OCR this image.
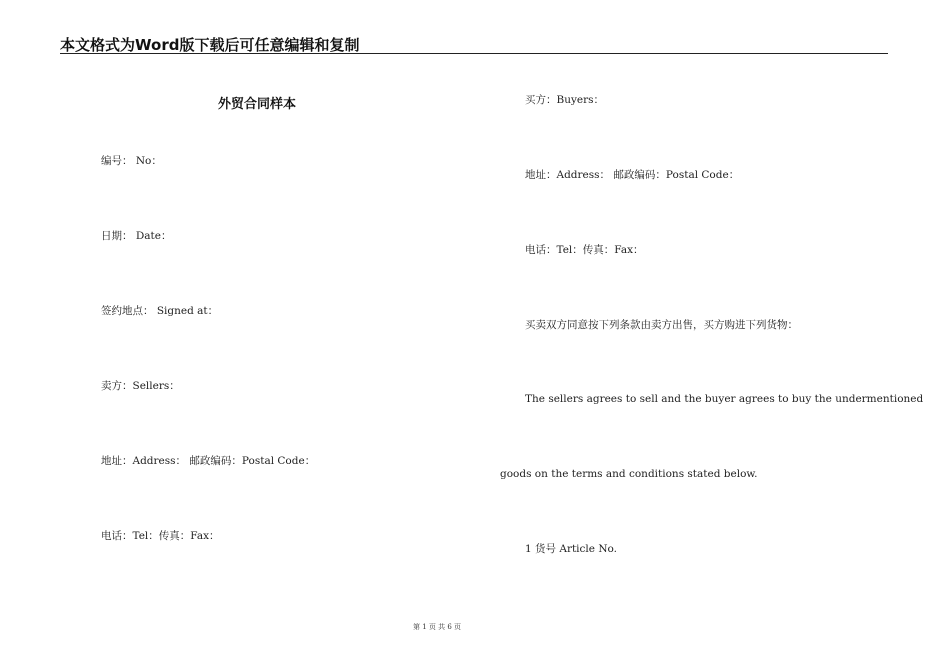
本文格式为Word版下载后可任意编辑和复制
外贸合同样本
编号： No：
日期： Date：
签约地点： Signed at：
卖方：Sellers：
地址：Address： 邮政编码：Postal Code：
电话：Tel：传真：Fax：
买方：Buyers：
地址：Address： 邮政编码：Postal Code：
电话：Tel：传真：Fax：
买卖双方同意按下列条款由卖方出售，买方购进下列货物：
The sellers agrees to sell and the buyer agrees to buy the undermentioned
goods on the terms and conditions stated below.
1 货号 Article No.
第 1 页 共 6 页
